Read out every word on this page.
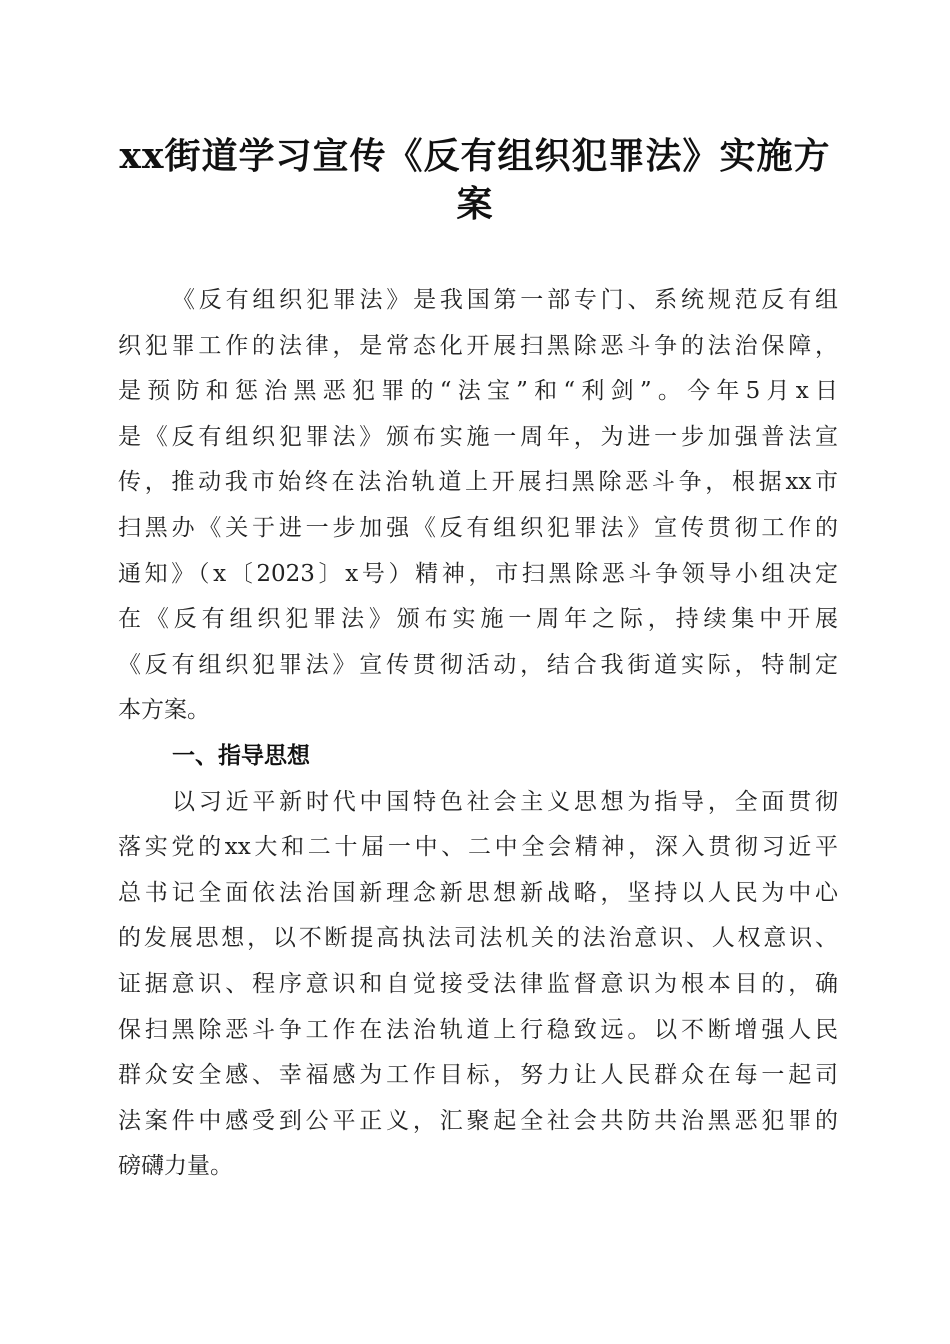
xx街道学习宣传《反有组织犯罪法》实施方
案
《反有组织犯罪法》是我国第一部专门、系统规范反有组
织犯罪工作的法律，是常态化开展扫黑除恶斗争的法治保障，
是预防和惩治黑恶犯罪的“法宝”和“利剑”。今年5月x日
是《反有组织犯罪法》颁布实施一周年，为进一步加强普法宣
传，推动我市始终在法治轨道上开展扫黑除恶斗争，根据xx市
扫黑办《关于进一步加强《反有组织犯罪法》宣传贯彻工作的
通知》（x〔2023〕x号）精神，市扫黑除恶斗争领导小组决定
在《反有组织犯罪法》颁布实施一周年之际，持续集中开展
《反有组织犯罪法》宣传贯彻活动，结合我街道实际，特制定
本方案。
一、指导思想
以习近平新时代中国特色社会主义思想为指导，全面贯彻
落实党的xx大和二十届一中、二中全会精神，深入贯彻习近平
总书记全面依法治国新理念新思想新战略，坚持以人民为中心
的发展思想，以不断提高执法司法机关的法治意识、人权意识、
证据意识、程序意识和自觉接受法律监督意识为根本目的，确
保扫黑除恶斗争工作在法治轨道上行稳致远。以不断增强人民
群众安全感、幸福感为工作目标，努力让人民群众在每一起司
法案件中感受到公平正义，汇聚起全社会共防共治黑恶犯罪的
磅礴力量。
